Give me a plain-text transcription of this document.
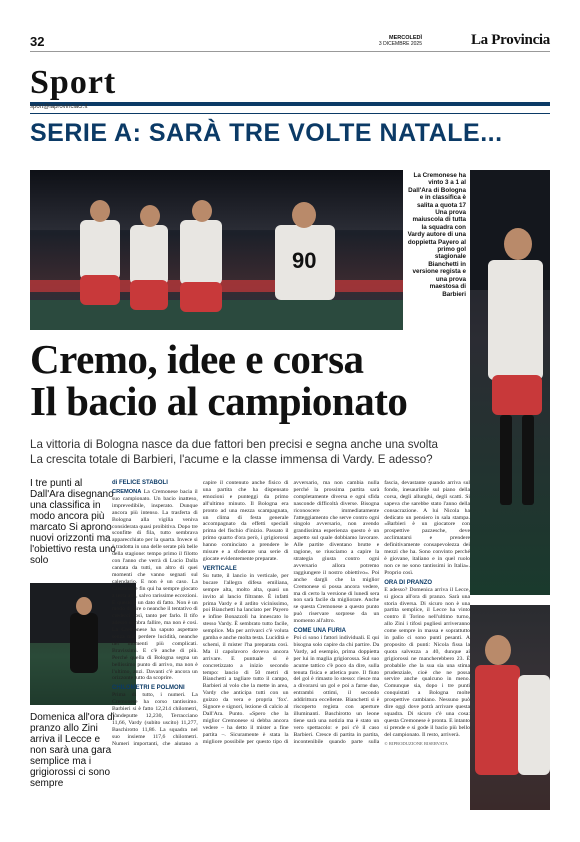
32	MERCOLEDÌ
3 DICEMBRE 2025	La Provincia
Sport
sport@laprovinciacr.it
SERIE A: SARÀ TRE VOLTE NATALE...
90
La Cremonese ha vinto 3 a 1 al Dall'Ara di Bologna e in classifica è salita a quota 17 Una prova maiuscola di tutta la squadra con Vardy autore di una doppietta Payero al primo gol stagionale Bianchetti in versione regista e una prova maestosa di Barbieri
Cremo, idee e corsa
Il bacio al campionato
La vittoria di Bologna nasce da due fattori ben precisi e segna anche una svolta
La crescita totale di Barbieri, l'acume e la classe immensa di Vardy. E adesso?
I tre punti al Dall'Ara disegnano una classifica in modo ancora più marcato Si aprono nuovi orizzonti ma l'obiettivo resta uno solo
Domenica all'ora di pranzo allo Zini arriva il Lecce e non sarà una gara semplice ma i grigiorossi ci sono sempre
di FELICE STABOLI

CREMONA La Cremonese bacia il suo campionato. Un bacio inatteso, imprevedibile, insperato. Dunque ancora più intenso. La trasferta di Bologna alla vigilia veniva considerata quasi proibitiva. Dopo tre sconfitte di fila, tutto sembrava apparecchiato per la quarta. Invece si è tradotta in una delle serate più belle della stagione: tempo primo il filotto con l'anno che verrà di Lucio Dalla cantata da tutti, un altro di quei momenti che vanno segnati sul calendario. E non è un caso. La Cremonese fin qui ha sempre giocato a testa alta, salvo rarissime eccezioni. E questo è un dato di fatto. Non è un modo di dire o neanche il tentativo di crederci così, tanto per farlo. Il tifo adesso sembra fallire, ma non è così. La Cremonese ha saputo aspettare senza mai perdere lucidità, neanche nei momenti più complicati. Bravissimi. E c'è anche di più. Perché quella di Bologna segna un bellissimo punto di arrivo, ma non è l'ultimo, anzi. Davanti c'è ancora un orizzonte tutto da scoprire.

CHILOMETRI E POLMONI

Prima di tutto, i numeri. La Cremonese ha corso tantissimo. Barbieri si è fatto 12,214 chilometri, Vandeputte 12,230, Terracciano 11,66, Vardy (subito uscito) 11,277, Baschirotto 11,86. La squadra nel suo insieme 117,6 chilometri. Numeri importanti, che aiutano a capire il contenuto anche fisico di una partita che ha dispensato emozioni e punteggi da primo all'ultimo minuto. Il Bologna era pronto ad una mezza scampagnata, un clima di festa generale accompagnato da effetti speciali prima del fischio d'inizio. Passato il primo quarto d'ora però, i grigiorossi hanno cominciato a prendere le misure e a sfoderare una serie di giocate evidentemente preparate.

VERTICALE

Su tutte, il lancio in verticale, per bucare l'allegra difesa emiliana, sempre alta, molto alta, quasi un invito al lancio filtrante. È infatti prima Vardy e il ardito vicinissimo, poi Bianchetti ha lanciato per Payero e infine Bonazzoli ha innescato lo stesso Vardy. È sembrato tutto facile, semplice. Ma per arrivarci c'è voluta gamba e anche molta testa. Lucidità e schemi, il mister l'ha preparata così. Ma il capolavoro doveva ancora arrivare. E puntuale si è concretizzato a inizio secondo tempo: lancio di 50 metri di Bianchetti a tagliare tutto il campo, Barbieri al volo che la mette in area, Vardy che anticipa tutti con un guizzo da vera e propria 'fox'. Signore e signori, lezione di calcio al Dall'Ara. Punto. «Spero che la miglior Cremonese si debba ancora vedere – ha detto il mister a fine partita –. Sicuramente è stata la migliore possibile per questo tipo di avversario, ma non cambia nulla perché la prossima partita sarà completamente diversa e ogni sfida nasconde difficoltà diverse. Bisogna riconoscere immediatamente l'atteggiamento che serve contro ogni singolo avversario, non avendo grandissima esperienza questo è un aspetto sul quale dobbiamo lavorare. Alle partite diventano brutte e ragione, se riusciamo a capire la strategia giusta contro ogni avversario allora potremo raggiungere il nostro obiettivo». Poi anche dargli che la miglior Cremonese si possa ancora vedere, ma di certo la versione di lunedì sera non sarà facile da migliorare. Anche se questa Cremonese a questo punto può riservare sorprese da un momento all'altro.

COME UNA FURIA

Poi ci sono i fattori individuali. E qui bisogna solo capire da chi partire. Da Vardy, ad esempio, prima doppietta per lui in maglia grigiorossa. Sul suo acume tattico c'è poco da dire, sulla tenuta fisica e atletica pure. Il fiuto del gol è rimasto lo stesso: riesce ma a divorarsi un gol e poi a farne due, entrambi ottimi, il secondo addirittura eccellente. Bianchetti si è riscoperto regista con aperture illuminanti. Baschirotto un leone tiene sarà una notizia ma è stato un vero spettacolo: e poi c'è il caso Barbieri. Cresce di partita in partita, incontenibile quando parte sulla fascia, devastante quando arriva sul fondo, inesauribile sul piano della corsa, degli allunghi, degli scatti. Si sapeva che sarebbe stato l'anno della consacrazione. A lui Nicola ha dedicato un pensiero in sala stampa. «Barbieri è un giocatore con prospettive pazzesche, deve acclimatarsi e prendere definitivamente consapevolezza dei mezzi che ha. Sono convinto perché è giovane, italiano e in quel ruolo non ce ne sono tantissimi in Italia». Proprio così.

ORA DI PRANZO

E adesso? Domenica arriva il Lecce, si gioca all'ora di pranzo. Sarà una storia diversa. Di sicuro non è una partita semplice, il Lecce ha vinto contro il Torino nell'ultimo turno, allo Zini i tifosi pugliesi arriveranno come sempre in massa e soprattutto in palio ci sono punti pesanti. A proposito di punti: Nicola fissa la quota salvezza a 40, dunque ai grigiorossi ne mancherebbero 23. È probabile che la sua sia una stima prudenziale, cioè che ne possa servire anche qualcuno in meno. Comunque sia, dopo i tre punti conquistati a Bologna molte prospettive cambiano. Nessuno può dire oggi dove potrà arrivare questa squadra. Di sicuro c'è una cosa: questa Cremonese è pronta. E intanto si prende e si gode il bacio più bello del campionato. Il resto, arriverà.

© RIPRODUZIONE RISERVATA
